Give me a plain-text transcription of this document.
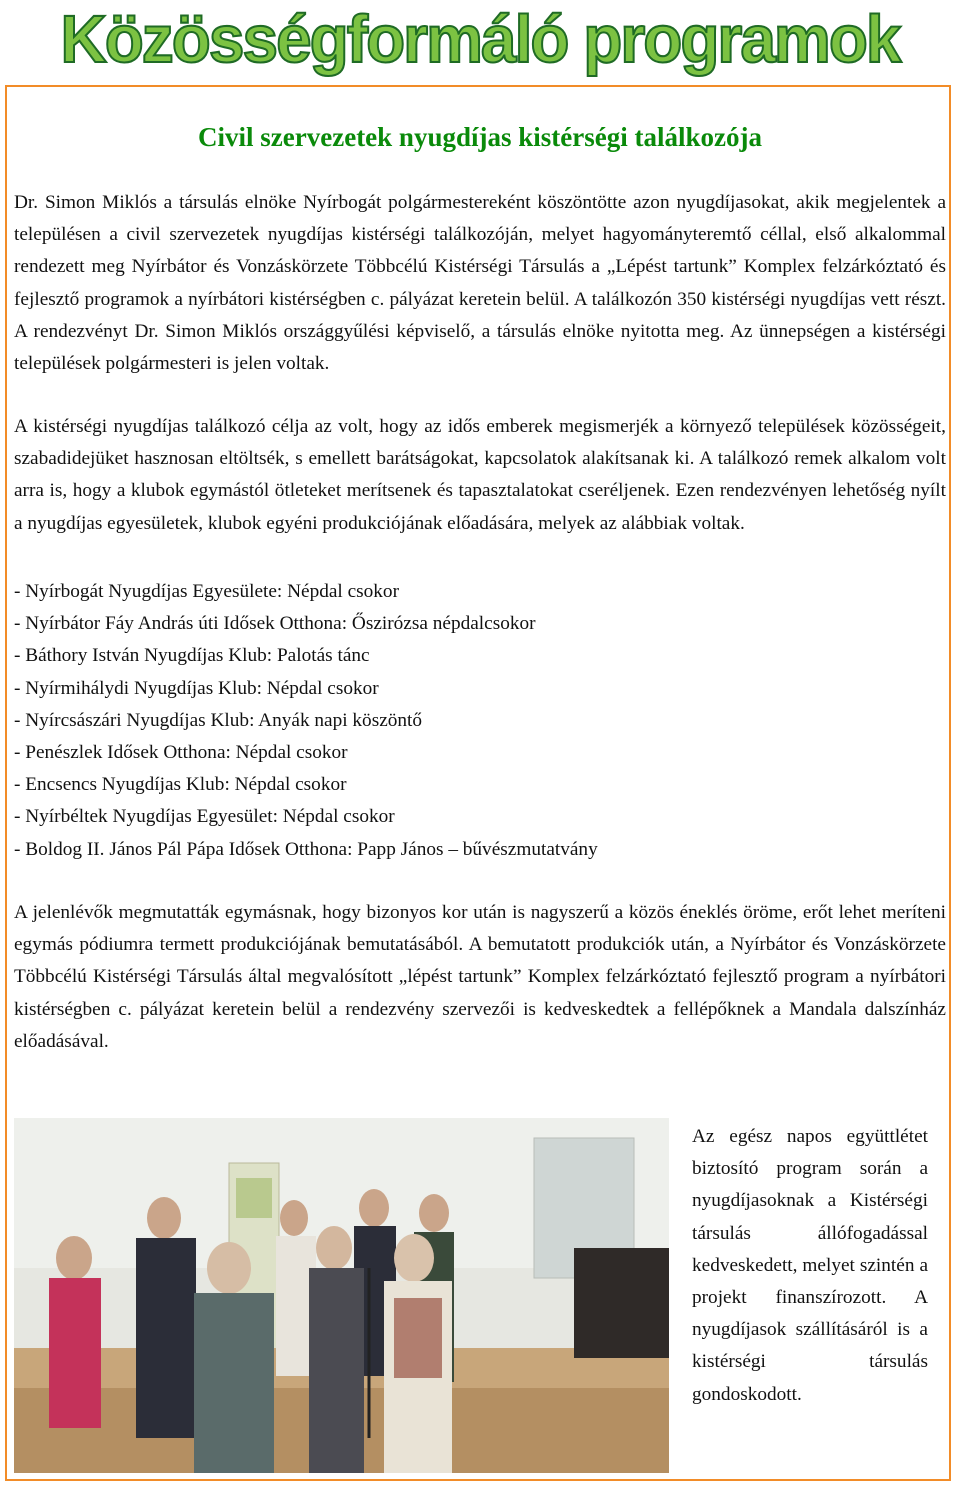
Közösségformáló programok
Civil szervezetek nyugdíjas kistérségi találkozója

Dr. Simon Miklós a társulás elnöke Nyírbogát polgármestereként köszöntötte azon nyugdíjasokat, akik megjelentek a településen a civil szervezetek nyugdíjas kistérségi találkozóján, melyet hagyományteremtő céllal, első alkalommal rendezett meg Nyírbátor és Vonzáskörzete Többcélú Kistérségi Társulás a „Lépést tartunk” Komplex felzárkóztató és fejlesztő programok a nyírbátori kistérségben c. pályázat keretein belül. A találkozón 350 kistérségi nyugdíjas vett részt. A rendezvényt Dr. Simon Miklós országgyűlési képviselő, a társulás elnöke nyitotta meg. Az ünnepségen a kistérségi települések polgármesteri is jelen voltak.

A kistérségi nyugdíjas találkozó célja az volt, hogy az idős emberek megismerjék a környező települések közösségeit, szabadidejüket hasznosan eltöltsék, s emellett barátságokat, kapcsolatok alakítsanak ki. A találkozó remek alkalom volt arra is, hogy a klubok egymástól ötleteket merítsenek és tapasztalatokat cseréljenek. Ezen rendezvényen lehetőség nyílt a nyugdíjas egyesületek, klubok egyéni produkciójának előadására, melyek az alábbiak voltak.

- Nyírbogát Nyugdíjas Egyesülete: Népdal csokor
- Nyírbátor Fáy András úti Idősek Otthona: Őszirózsa népdalcsokor
- Báthory István Nyugdíjas Klub: Palotás tánc
- Nyírmihálydi Nyugdíjas Klub: Népdal csokor
- Nyírcsászári Nyugdíjas Klub: Anyák napi köszöntő
- Penészlek Idősek Otthona: Népdal csokor
- Encsencs Nyugdíjas Klub: Népdal csokor
- Nyírbéltek Nyugdíjas Egyesület: Népdal csokor
- Boldog II. János Pál Pápa Idősek Otthona: Papp János – bűvészmutatvány

A jelenlévők megmutatták egymásnak, hogy bizonyos kor után is nagyszerű a közös éneklés öröme, erőt lehet meríteni egymás pódiumra termett produkciójának bemutatásából. A bemutatott produkciók után, a Nyírbátor és Vonzáskörzete Többcélú Kistérségi Társulás által megvalósított „lépést tartunk” Komplex felzárkóztató fejlesztő program a nyírbátori kistérségben c. pályázat keretein belül a rendezvény szervezői is kedveskedtek a fellépőknek a Mandala dalszínház előadásával.

Az egész napos együttlétet biztosító program során a nyugdíjasoknak a Kistérségi társulás állófogadással kedveskedett, melyet szintén a projekt finanszírozott. A nyugdíjasok szállításáról is a kistérségi társulás gondoskodott.
